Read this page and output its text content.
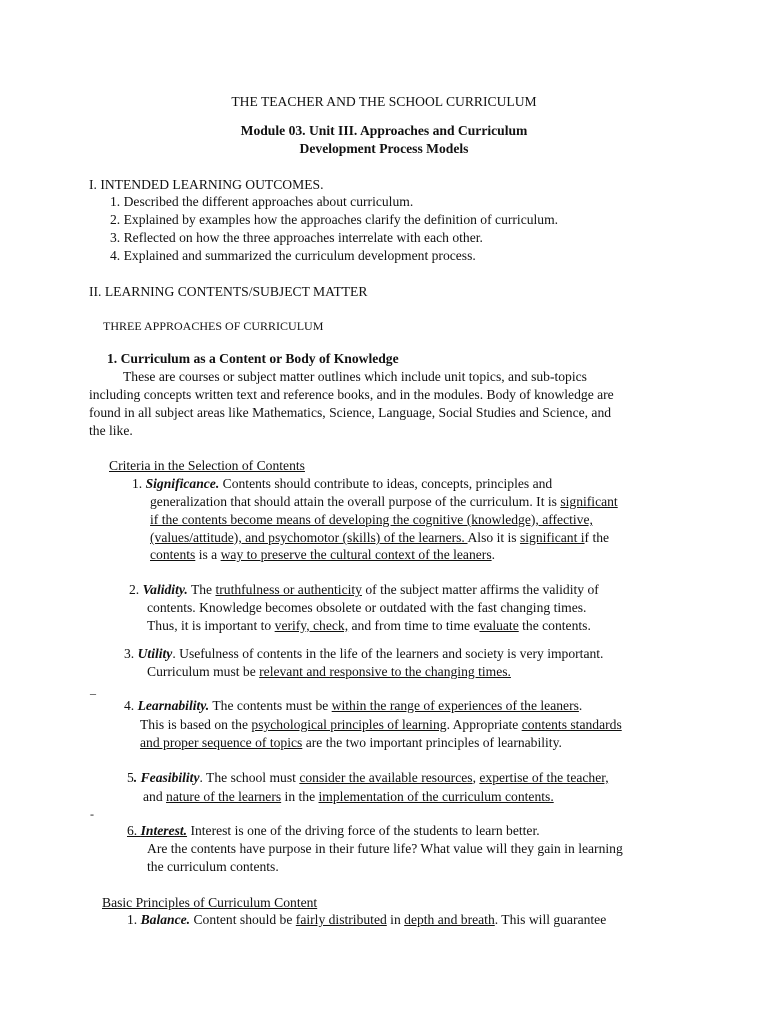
THE TEACHER AND THE SCHOOL CURRICULUM
Module 03. Unit III. Approaches and Curriculum
Development Process Models
I. INTENDED LEARNING OUTCOMES.
1. Described the different approaches about curriculum.
2. Explained by examples how the approaches clarify the definition of curriculum.
3. Reflected on how the three approaches interrelate with each other.
4. Explained and summarized the curriculum development process.
II. LEARNING CONTENTS/SUBJECT MATTER
THREE APPROACHES OF CURRICULUM
1. Curriculum as a Content or Body of Knowledge
These are courses or subject matter outlines which include unit topics, and sub-topics
including concepts written text and reference books, and in the modules. Body of knowledge are
found in all subject areas like Mathematics, Science, Language, Social Studies and Science, and
the like.
Criteria in the Selection of Contents
1. Significance. Contents should contribute to ideas, concepts, principles and
generalization that should attain the overall purpose of the curriculum. It is significant
if the contents become means of developing the cognitive (knowledge), affective,
(values/attitude), and psychomotor (skills) of the learners. Also it is significant if the
contents is a way to preserve the cultural context of the leaners.
2. Validity. The truthfulness or authenticity of the subject matter affirms the validity of
contents. Knowledge becomes obsolete or outdated with the fast changing times.
Thus, it is important to verify, check, and from time to time evaluate the contents.
3. Utility. Usefulness of contents in the life of the learners and society is very important.
Curriculum must be relevant and responsive to the changing times.
_
4. Learnability. The contents must be within the range of experiences of the leaners.
This is based on the psychological principles of learning. Appropriate contents standards
and proper sequence of topics are the two important principles of learnability.
5. Feasibility. The school must consider the available resources, expertise of the teacher,
and nature of the learners in the implementation of the curriculum contents.
-
6. Interest. Interest is one of the driving force of the students to learn better.
Are the contents have purpose in their future life? What value will they gain in learning
the curriculum contents.
Basic Principles of Curriculum Content
1. Balance. Content should be fairly distributed in depth and breath. This will guarantee
